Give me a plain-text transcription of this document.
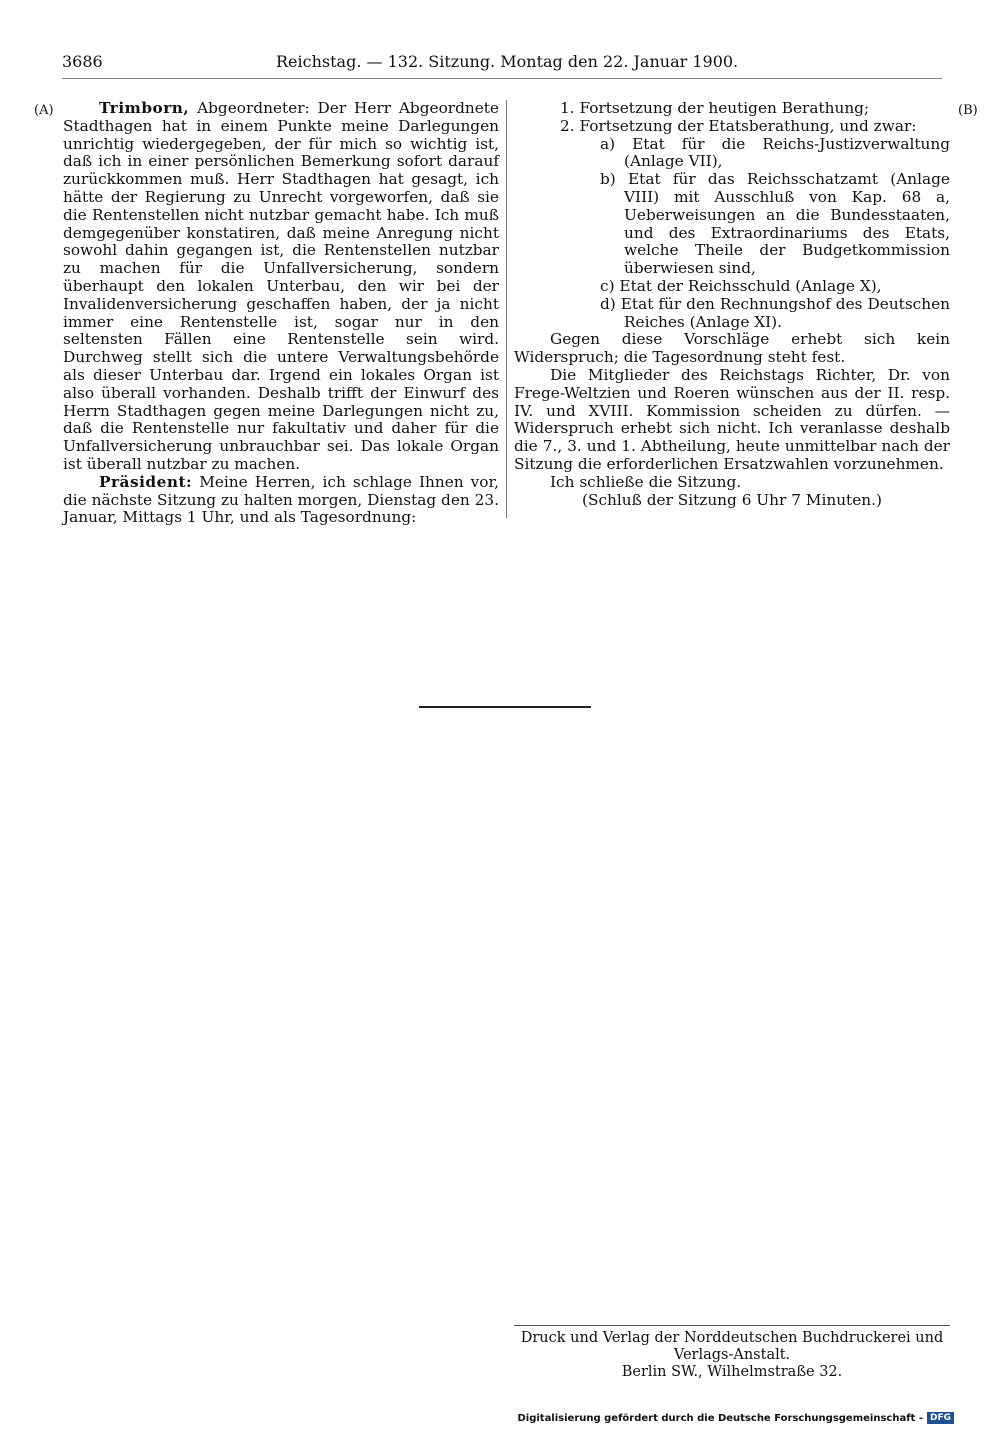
3686	Reichstag. — 132. Sitzung. Montag den 22. Januar 1900.
(A)	(B)

Trimborn, Abgeordneter: Der Herr Abgeordnete Stadthagen hat in einem Punkte meine Darlegungen unrichtig wiedergegeben, der für mich so wichtig ist, daß ich in einer persönlichen Bemerkung sofort darauf zurückkommen muß. Herr Stadthagen hat gesagt, ich hätte der Regierung zu Unrecht vorgeworfen, daß sie die Rentenstellen nicht nutzbar gemacht habe. Ich muß demgegenüber konstatiren, daß meine Anregung nicht sowohl dahin gegangen ist, die Rentenstellen nutzbar zu machen für die Unfallversicherung, sondern überhaupt den lokalen Unterbau, den wir bei der Invalidenversicherung geschaffen haben, der ja nicht immer eine Rentenstelle ist, sogar nur in den seltensten Fällen eine Rentenstelle sein wird. Durchweg stellt sich die untere Verwaltungsbehörde als dieser Unterbau dar. Irgend ein lokales Organ ist also überall vorhanden. Deshalb trifft der Einwurf des Herrn Stadthagen gegen meine Darlegungen nicht zu, daß die Rentenstelle nur fakultativ und daher für die Unfallversicherung unbrauchbar sei. Das lokale Organ ist überall nutzbar zu machen.

Präsident: Meine Herren, ich schlage Ihnen vor, die nächste Sitzung zu halten morgen, Dienstag den 23. Januar, Mittags 1 Uhr, und als Tagesordnung:

1. Fortsetzung der heutigen Berathung;

2. Fortsetzung der Etatsberathung, und zwar:

a) Etat für die Reichs-Justizverwaltung (Anlage VII),

b) Etat für das Reichsschatzamt (Anlage VIII) mit Ausschluß von Kap. 68 a, Ueberweisungen an die Bundesstaaten, und des Extraordinariums des Etats, welche Theile der Budgetkommission überwiesen sind,

c) Etat der Reichsschuld (Anlage X),

d) Etat für den Rechnungshof des Deutschen Reiches (Anlage XI).

Gegen diese Vorschläge erhebt sich kein Widerspruch; die Tagesordnung steht fest.

Die Mitglieder des Reichstags Richter, Dr. von Frege-Weltzien und Roeren wünschen aus der II. resp. IV. und XVIII. Kommission scheiden zu dürfen. — Widerspruch erhebt sich nicht. Ich veranlasse deshalb die 7., 3. und 1. Abtheilung, heute unmittelbar nach der Sitzung die erforderlichen Ersatzwahlen vorzunehmen.

Ich schließe die Sitzung.

(Schluß der Sitzung 6 Uhr 7 Minuten.)

Druck und Verlag der Norddeutschen Buchdruckerei und Verlags-Anstalt.

Berlin SW., Wilhelmstraße 32.

Digitalisierung gefördert durch die Deutsche Forschungsgemeinschaft - DFG
